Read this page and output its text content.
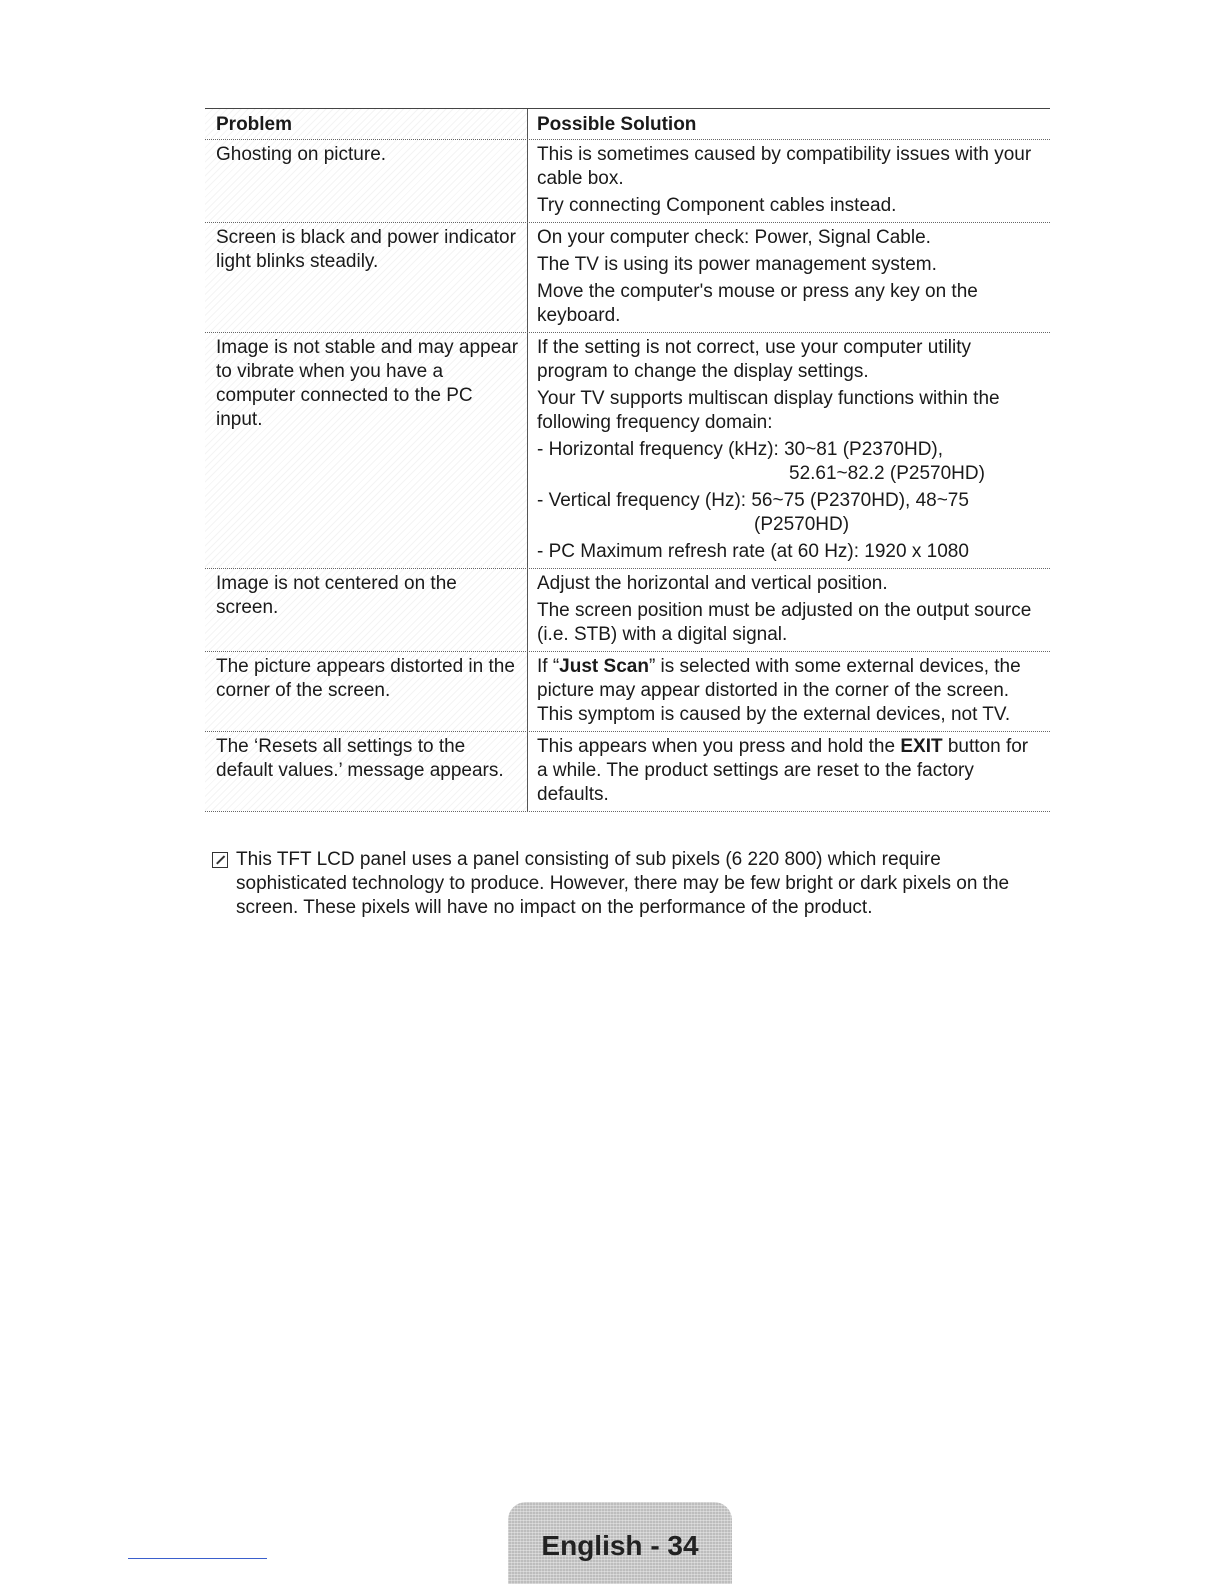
Problem	Possible Solution
Ghosting on picture.	This is sometimes caused by compatibility issues with your cable box.

Try connecting Component cables instead.

Screen is black and power indicator light blinks steadily.

On your computer check: Power, Signal Cable.

The TV is using its power management system.

Move the computer's mouse or press any key on the keyboard.

Image is not stable and may appear to vibrate when you have a computer connected to the PC input.

If the setting is not correct, use your computer utility program to change the display settings.

Your TV supports multiscan display functions within the following frequency domain:

- Horizontal frequency (kHz): 30~81 (P2370HD),

52.61~82.2 (P2570HD)

- Vertical frequency (Hz): 56~75 (P2370HD), 48~75

(P2570HD)

- PC Maximum refresh rate (at 60 Hz): 1920 x 1080

Image is not centered on the screen.

Adjust the horizontal and vertical position.

The screen position must be adjusted on the output source (i.e. STB) with a digital signal.

The picture appears distorted in the corner of the screen.

If “Just Scan” is selected with some external devices, the picture may appear distorted in the corner of the screen.

This symptom is caused by the external devices, not TV.

The ‘Resets all settings to the default values.’ message appears.

This appears when you press and hold the EXIT button for a while. The product settings are reset to the factory defaults.

This TFT LCD panel uses a panel consisting of sub pixels (6 220 800) which require sophisticated technology to produce. However, there may be few bright or dark pixels on the screen. These pixels will have no impact on the performance of the product.
English - 34
